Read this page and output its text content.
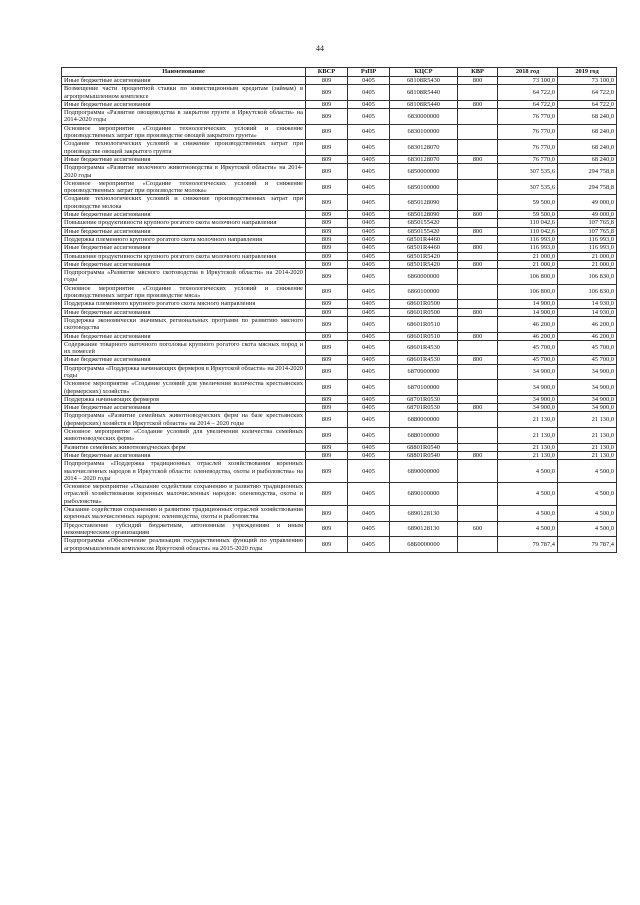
44
Наименование	КВСР	РзПР	КЦСР	КВР	2018 год	2019 год
Иные бюджетные ассигнования	809	0405	68108R5430	800	73 100,0	73 100,0
Возмещение части процентной ставки по инвестиционным кредитам (займам) в агропромышленном комплексе	809	0405	68108R5440		64 722,0	64 722,0
Иные бюджетные ассигнования	809	0405	68108R5440	800	64 722,0	64 722,0
Подпрограмма «Развитие овощеводства в закрытом грунте в Иркутской области» на 2014-2020 годы	809	0405	6830000000		76 770,0	68 240,0
Основное мероприятие «Создание технологических условий и снижение производственных затрат при производстве овощей закрытого грунта»	809	0405	6830100000		76 770,0	68 240,0
Создание технологических условий и снижение производственных затрат при производстве овощей закрытого грунта	809	0405	6830128070		76 770,0	68 240,0
Иные бюджетные ассигнования	809	0405	6830128070	800	76 770,0	68 240,0
Подпрограмма «Развитие молочного животноводства в Иркутской области» на 2014-2020 годы	809	0405	6850000000		307 535,6	294 758,8
Основное мероприятие «Создание технологических условий и снижение производственных затрат при производстве молока»	809	0405	6850100000		307 535,6	294 758,8
Создание технологических условий и снижение производственных затрат при производстве молока	809	0405	6850128090		59 500,0	49 000,0
Иные бюджетные ассигнования	809	0405	6850128090	800	59 500,0	49 000,0
Повышение продуктивности крупного рогатого скота молочного направления	809	0405	6850155420		110 042,6	107 765,8
Иные бюджетные ассигнования	809	0405	6850155420	800	110 042,6	107 765,8
Поддержка племенного крупного рогатого скота молочного направления	809	0405	68501R4460		116 993,0	116 993,0
Иные бюджетные ассигнования	809	0405	68501R4460	800	116 993,0	116 993,0
Повышение продуктивности крупного рогатого скота молочного направления	809	0405	68501R5420		21 000,0	21 000,0
Иные бюджетные ассигнования	809	0405	68501R5420	800	21 000,0	21 000,0
Подпрограмма «Развитие мясного скотоводства в Иркутской области» на 2014-2020 годы	809	0405	6860000000		106 800,0	106 830,0
Основное мероприятие «Создание технологических условий и снижение производственных затрат при производстве мяса»	809	0405	6860100000		106 800,0	106 830,0
Поддержка племенного крупного рогатого скота мясного направления	809	0405	68601R0500		14 900,0	14 930,0
Иные бюджетные ассигнования	809	0405	68601R0500	800	14 900,0	14 930,0
Поддержка экономически значимых региональных программ по развитию мясного скотоводства	809	0405	68601R0510		46 200,0	46 200,0
Иные бюджетные ассигнования	809	0405	68601R0510	800	46 200,0	46 200,0
Содержание товарного маточного поголовья крупного рогатого скота мясных пород и их помесей	809	0405	68601R4530		45 700,0	45 700,0
Иные бюджетные ассигнования	809	0405	68601R4530	800	45 700,0	45 700,0
Подпрограмма «Поддержка начинающих фермеров в Иркутской области» на 2014-2020 годы	809	0405	6870000000		34 900,0	34 900,0
Основное мероприятие «Создание условий для увеличения количества крестьянских (фермерских) хозяйств»	809	0405	6870100000		34 900,0	34 900,0
Поддержка начинающих фермеров	809	0405	68701R0530		34 900,0	34 900,0
Иные бюджетные ассигнования	809	0405	68701R0530	800	34 900,0	34 900,0
Подпрограмма «Развитие семейных животноводческих ферм на базе крестьянских (фермерских) хозяйств в Иркутской области» на 2014 – 2020 годы	809	0405	6880000000		21 130,0	21 130,0
Основное мероприятие «Создание условий для увеличения количества семейных животноводческих ферм»	809	0405	6880100000		21 130,0	21 130,0
Развитие семейных животноводческих ферм	809	0405	68801R0540		21 130,0	21 130,0
Иные бюджетные ассигнования	809	0405	68801R0540	800	21 130,0	21 130,0
Подпрограмма «Поддержка традиционных отраслей хозяйствования коренных малочисленных народов в Иркутской области: оленеводства, охоты и рыболовства» на 2014 – 2020 годы	809	0405	6890000000		4 500,0	4 500,0
Основное мероприятие «Оказание содействия сохранению и развитию традиционных отраслей хозяйствования коренных малочисленных народов: оленеводства, охоты и рыболовства»	809	0405	6890100000		4 500,0	4 500,0
Оказание содействия сохранению и развитию традиционных отраслей хозяйствования коренных малочисленных народов: оленеводства, охоты и рыболовства	809	0405	6890128130		4 500,0	4 500,0
Предоставление субсидий бюджетным, автономным учреждениям и иным некоммерческим организациям	809	0405	6890128130	600	4 500,0	4 500,0
Подпрограмма «Обеспечение реализации государственных функций по управлению агропромышленным комплексом Иркутской области» на 2015-2020 годы	809	0405	68Б0000000		79 787,4	79 787,4
